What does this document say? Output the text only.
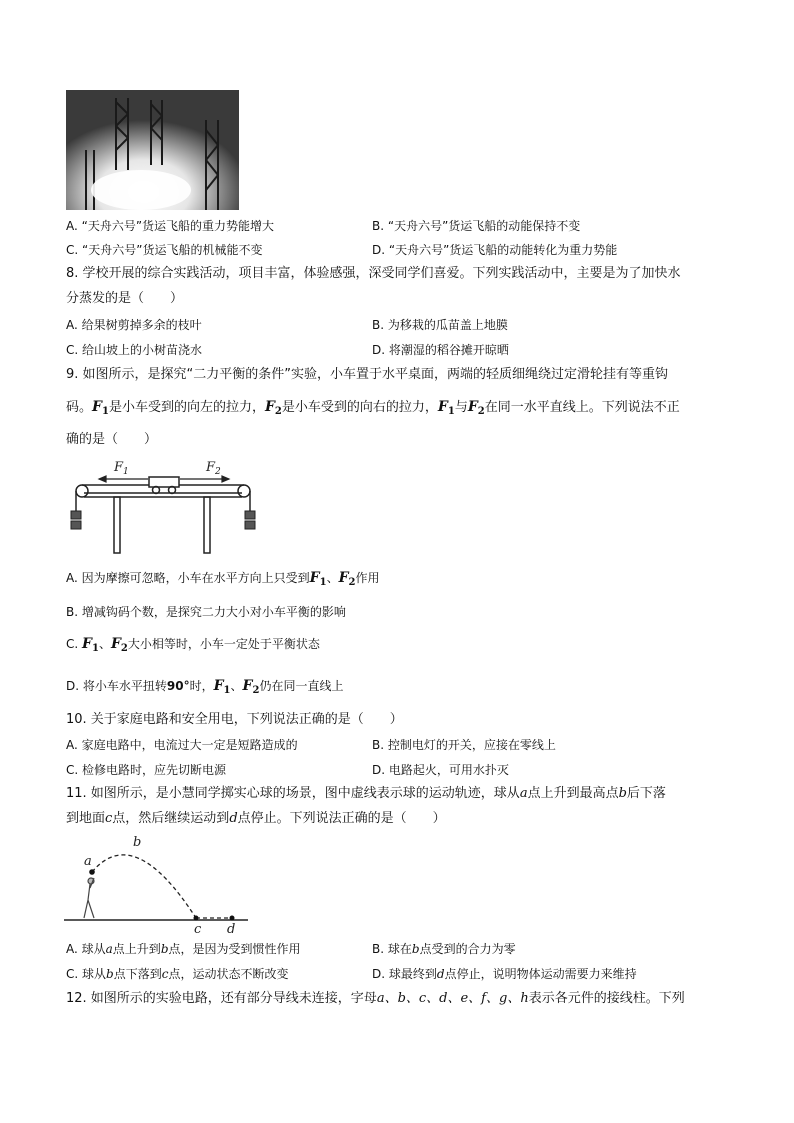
A. “天舟六号”货运飞船的重力势能增大	B. “天舟六号”货运飞船的动能保持不变
C. “天舟六号”货运飞船的机械能不变	D. “天舟六号”货运飞船的动能转化为重力势能
8. 学校开展的综合实践活动，项目丰富，体验感强，深受同学们喜爱。下列实践活动中，主要是为了加快水
分蒸发的是（　　）
A. 给果树剪掉多余的枝叶	B. 为移栽的瓜苗盖上地膜
C. 给山坡上的小树苗浇水	D. 将潮湿的稻谷摊开晾晒
9. 如图所示，是探究“二力平衡的条件”实验，小车置于水平桌面，两端的轻质细绳绕过定滑轮挂有等重钩
码。$F_1$是小车受到的向左的拉力，$F_2$是小车受到的向右的拉力，$F_1$与$F_2$在同一水平直线上。下列说法不正
确的是（　　）
$F_1$	$F_2$
A. 因为摩擦可忽略，小车在水平方向上只受到$F_1$、$F_2$作用
B. 增减钩码个数，是探究二力大小对小车平衡的影响
C. $F_1$、$F_2$大小相等时，小车一定处于平衡状态
D. 将小车水平扭转90°时，$F_1$、$F_2$仍在同一直线上
10. 关于家庭电路和安全用电，下列说法正确的是（　　）
A. 家庭电路中，电流过大一定是短路造成的	B. 控制电灯的开关，应接在零线上
C. 检修电路时，应先切断电源	D. 电路起火，可用水扑灭
11. 如图所示，是小慧同学掷实心球的场景，图中虚线表示球的运动轨迹，球从a点上升到最高点b后下落
到地面c点，然后继续运动到d点停止。下列说法正确的是（　　）
a
b
c d
A. 球从a点上升到b点，是因为受到惯性作用	B. 球在b点受到的合力为零
C. 球从b点下落到c点，运动状态不断改变	D. 球最终到d点停止，说明物体运动需要力来维持
12. 如图所示的实验电路，还有部分导线未连接，字母a、b、c、d、e、f、g、h表示各元件的接线柱。下列
